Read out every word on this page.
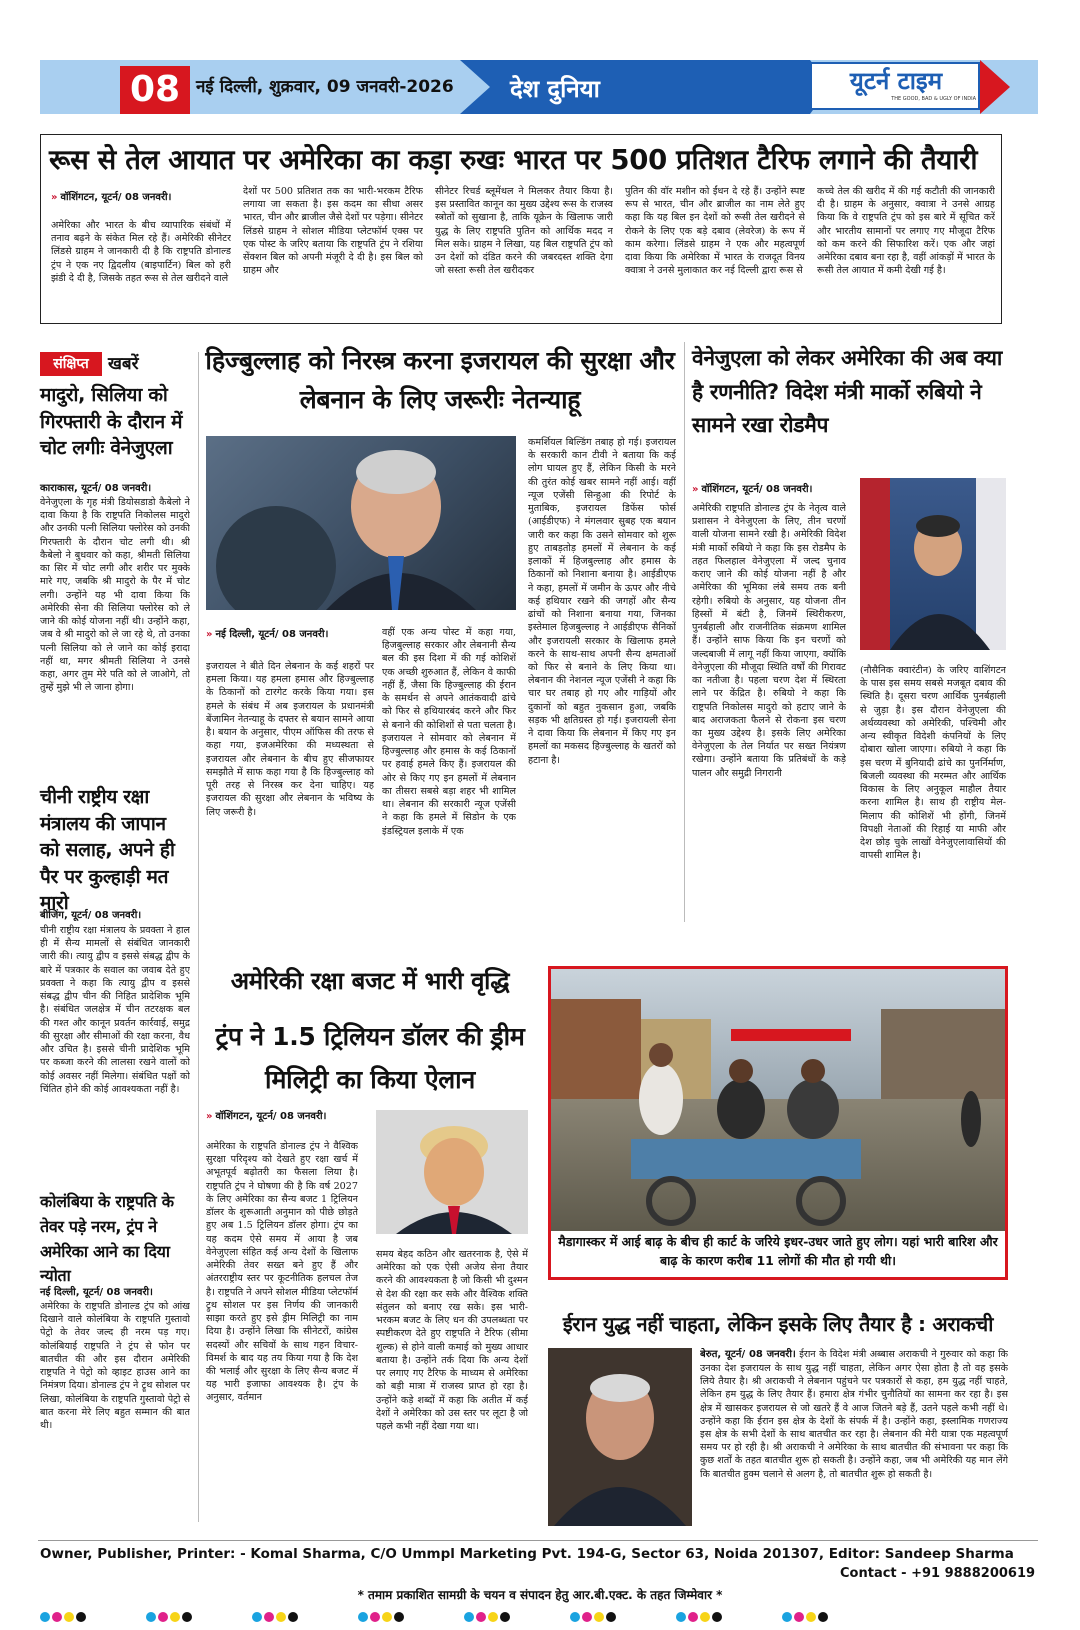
08 नई दिल्ली, शुक्रवार, 09 जनवरी-2026	देश दुनिया	यूटर्न टाइम
THE GOOD, BAD & UGLY OF INDIA
रूस से तेल आयात पर अमेरिका का कड़ा रुखः भारत पर 500 प्रतिशत टैरिफ लगाने की तैयारी
» वॉशिंगटन, यूटर्न/ 08 जनवरी।

अमेरिका और भारत के बीच व्यापारिक संबंधों में तनाव बढ़ने के संकेत मिल रहे हैं। अमेरिकी सीनेटर लिंडसे ग्राहम ने जानकारी दी है कि राष्ट्रपति डोनाल्ड ट्रंप ने एक नए द्विदलीय (बाइपार्टिन) बिल को हरी झंडी दे दी है, जिसके तहत रूस से तेल खरीदने वाले

देशों पर 500 प्रतिशत तक का भारी-भरकम टैरिफ लगाया जा सकता है। इस कदम का सीधा असर भारत, चीन और ब्राजील जैसे देशों पर पड़ेगा। सीनेटर लिंडसे ग्राहम ने सोशल मीडिया प्लेटफॉर्म एक्स पर एक पोस्ट के जरिए बताया कि राष्ट्रपति ट्रंप ने रशिया सेंक्शन बिल को अपनी मंजूरी दे दी है। इस बिल को ग्राहम और

सीनेटर रिचर्ड ब्लूमेंथल ने मिलकर तैयार किया है। इस प्रस्तावित कानून का मुख्य उद्देश्य रूस के राजस्व स्त्रोतों को सुखाना है, ताकि यूक्रेन के खिलाफ जारी युद्ध के लिए राष्ट्रपति पुतिन को आर्थिक मदद न मिल सके। ग्राहम ने लिखा, यह बिल राष्ट्रपति ट्रंप को उन देशों को दंडित करने की जबरदस्त शक्ति देगा जो सस्ता रूसी तेल खरीदकर

पुतिन की वॉर मशीन को ईंधन दे रहे हैं। उन्होंने स्पष्ट रूप से भारत, चीन और ब्राजील का नाम लेते हुए कहा कि यह बिल इन देशों को रूसी तेल खरीदने से रोकने के लिए एक बड़े दबाव (लेवरेज) के रूप में काम करेगा। लिंडसे ग्राहम ने एक और महत्वपूर्ण दावा किया कि अमेरिका में भारत के राजदूत विनय क्वात्रा ने उनसे मुलाकात कर नई दिल्ली द्वारा रूस से

कच्चे तेल की खरीद में की गई कटौती की जानकारी दी है। ग्राहम के अनुसार, क्वात्रा ने उनसे आग्रह किया कि वे राष्ट्रपति ट्रंप को इस बारे में सूचित करें और भारतीय सामानों पर लगाए गए मौजूदा टैरिफ को कम करने की सिफारिश करें। एक और जहां अमेरिका दबाव बना रहा है, वहीं आंकड़ों में भारत के रूसी तेल आयात में कमी देखी गई है।

संक्षिप्त	खबरें
मादुरो, सिलिया को गिरफ्तारी के दौरान में चोट लगीः वेनेजुएला
काराकास, यूटर्न/ 08 जनवरी।

वेनेजुएला के गृह मंत्री डियोसडाडो कैबेलो ने दावा किया है कि राष्ट्रपति निकोलस मादुरो और उनकी पत्नी सिलिया फ्लोरेस को उनकी गिरफ्तारी के दौरान चोट लगी थी। श्री कैबेलो ने बुधवार को कहा, श्रीमती सिलिया का सिर में चोट लगी और शरीर पर मुक्के मारे गए, जबकि श्री मादुरो के पैर में चोट लगी। उन्होंने यह भी दावा किया कि अमेरिकी सेना की सिलिया फ्लोरेस को ले जाने की कोई योजना नहीं थी। उन्होंने कहा, जब वे श्री मादुरो को ले जा रहे थे, तो उनका पत्नी सिलिया को ले जाने का कोई इरादा नहीं था, मगर श्रीमती सिलिया ने उनसे कहा, अगर तुम मेरे पति को ले जाओगे, तो तुम्हें मुझे भी ले जाना होगा।

चीनी राष्ट्रीय रक्षा मंत्रालय की जापान को सलाह, अपने ही पैर पर कुल्हाड़ी मत मारो
बीजिंग, यूटर्न/ 08 जनवरी।

चीनी राष्ट्रीय रक्षा मंत्रालय के प्रवक्ता ने हाल ही में सैन्य मामलों से संबंधित जानकारी जारी की। त्यायु द्वीप व इससे संबद्ध द्वीप के बारे में पत्रकार के सवाल का जवाब देते हुए प्रवक्ता ने कहा कि त्यायु द्वीप व इससे संबद्ध द्वीप चीन की निहित प्रादेशिक भूमि है। संबंधित जलक्षेत्र में चीन तटरक्षक बल की गश्त और कानून प्रवर्तन कार्रवाई, समुद्र की सुरक्षा और सीमाओं की रक्षा करना, वैध और उचित है। इससे चीनी प्रादेशिक भूमि पर कब्जा करने की लालसा रखने वालों को कोई अवसर नहीं मिलेगा। संबंधित पक्षों को चिंतित होने की कोई आवश्यकता नहीं है।

कोलंबिया के राष्ट्रपति के तेवर पड़े नरम, ट्रंप ने अमेरिका आने का दिया न्योता
नई दिल्ली, यूटर्न/ 08 जनवरी।

अमेरिका के राष्ट्रपति डोनाल्ड ट्रंप को आंख दिखाने वाले कोलंबिया के राष्ट्रपति गुस्तावो पेट्रो के तेवर जल्द ही नरम पड़ गए। कोलंबियाई राष्ट्रपति ने ट्रंप से फोन पर बातचीत की और इस दौरान अमेरिकी राष्ट्रपति ने पेट्रो को व्हाइट हाउस आने का निमंत्रण दिया। डोनाल्ड ट्रंप ने ट्रूथ सोशल पर लिखा, कोलंबिया के राष्ट्रपति गुस्तावो पेट्रो से बात करना मेरे लिए बहुत सम्मान की बात थी।

हिज्बुल्लाह को निरस्त्र करना इजरायल की सुरक्षा और लेबनान के लिए जरूरीः नेतन्याहू
» नई दिल्ली, यूटर्न/ 08 जनवरी।

इजरायल ने बीते दिन लेबनान के कई शहरों पर हमला किया। यह हमला हमास और हिज्बुल्लाह के ठिकानों को टारगेट करके किया गया। इस हमले के संबंध में अब इजरायल के प्रधानमंत्री बेंजामिन नेतन्याहू के दफ्तर से बयान सामने आया है। बयान के अनुसार, पीएम ऑफिस की तरफ से कहा गया, इजअमेरिका की मध्यस्थता से इजरायल और लेबनान के बीच हुए सीजफायर समझौते में साफ कहा गया है कि हिज्बुल्लाह को पूरी तरह से निरस्त्र कर देना चाहिए। यह इजरायल की सुरक्षा और लेबनान के भविष्य के लिए जरूरी है।

वहीं एक अन्य पोस्ट में कहा गया, हिजबुल्लाह सरकार और लेबनानी सैन्य बल की इस दिशा में की गई कोशिशें एक अच्छी शुरुआत हैं, लेकिन वे काफी नहीं हैं, जैसा कि हिज्बुल्लाह की ईरान के समर्थन से अपने आतंकवादी ढांचे को फिर से हथियारबंद करने और फिर से बनाने की कोशिशों से पता चलता है। इजरायल ने सोमवार को लेबनान में हिज्बुल्लाह और हमास के कई ठिकानों पर हवाई हमले किए हैं। इजरायल की ओर से किए गए इन हमलों में लेबनान का तीसरा सबसे बड़ा शहर भी शामिल था। लेबनान की सरकारी न्यूज एजेंसी ने कहा कि हमले में सिडोन के एक इंडस्ट्रियल इलाके में एक

कमर्शियल बिल्डिंग तबाह हो गई। इजरायल के सरकारी कान टीवी ने बताया कि कई लोग घायल हुए हैं, लेकिन किसी के मरने की तुरंत कोई खबर सामने नहीं आई। वहीं न्यूज एजेंसी सिन्हुआ की रिपोर्ट के मुताबिक, इजरायल डिफेंस फोर्स (आईडीएफ) ने मंगलवार सुबह एक बयान जारी कर कहा कि उसने सोमवार को शुरू हुए ताबड़तोड़ हमलों में लेबनान के कई इलाकों में हिजबुल्लाह और हमास के ठिकानों को निशाना बनाया है। आईडीएफ ने कहा, हमलों में जमीन के ऊपर और नीचे कई हथियार रखने की जगहों और सैन्य ढांचों को निशाना बनाया गया, जिनका इस्तेमाल हिजबुल्लाह ने आईडीएफ सैनिकों और इजरायली सरकार के खिलाफ हमले करने के साथ-साथ अपनी सैन्य क्षमताओं को फिर से बनाने के लिए किया था। लेबनान की नेशनल न्यूज एजेंसी ने कहा कि चार घर तबाह हो गए और गाड़ियों और दुकानों को बहुत नुकसान हुआ, जबकि सड़क भी क्षतिग्रस्त हो गई। इजरायली सेना ने दावा किया कि लेबनान में किए गए इन हमलों का मकसद हिज्बुल्लाह के खतरों को हटाना है।

वेनेजुएला को लेकर अमेरिका की अब क्या है रणनीति? विदेश मंत्री मार्को रुबियो ने सामने रखा रोडमैप
» वॉशिंगटन, यूटर्न/ 08 जनवरी।

अमेरिकी राष्ट्रपति डोनाल्ड ट्रंप के नेतृत्व वाले प्रशासन ने वेनेजुएला के लिए, तीन चरणों वाली योजना सामने रखी है। अमेरिकी विदेश मंत्री मार्को रुबियो ने कहा कि इस रोडमैप के तहत फिलहाल वेनेजुएला में जल्द चुनाव कराए जाने की कोई योजना नहीं है और अमेरिका की भूमिका लंबे समय तक बनी रहेगी। रुबियो के अनुसार, यह योजना तीन हिस्सों में बंटी है, जिनमें स्थिरीकरण, पुनर्बहाली और राजनीतिक संक्रमण शामिल हैं। उन्होंने साफ किया कि इन चरणों को जल्दबाजी में लागू नहीं किया जाएगा, क्योंकि वेनेजुएला की मौजूदा स्थिति वर्षों की गिरावट का नतीजा है। पहला चरण देश में स्थिरता लाने पर केंद्रित है। रुबियो ने कहा कि राष्ट्रपति निकोलस मादुरो को हटाए जाने के बाद अराजकता फैलने से रोकना इस चरण का मुख्य उद्देश्य है। इसके लिए अमेरिका वेनेजुएला के तेल निर्यात पर सख्त नियंत्रण रखेगा। उन्होंने बताया कि प्रतिबंधों के कड़े पालन और समुद्री निगरानी

(नौसैनिक क्वारंटीन) के जरिए वाशिंगटन के पास इस समय सबसे मजबूत दबाव की स्थिति है। दूसरा चरण आर्थिक पुनर्बहाली से जुड़ा है। इस दौरान वेनेजुएला की अर्थव्यवस्था को अमेरिकी, पश्चिमी और अन्य स्वीकृत विदेशी कंपनियों के लिए दोबारा खोला जाएगा। रुबियो ने कहा कि इस चरण में बुनियादी ढांचे का पुनर्निर्माण, बिजली व्यवस्था की मरम्मत और आर्थिक विकास के लिए अनुकूल माहौल तैयार करना शामिल है। साथ ही राष्ट्रीय मेल-मिलाप की कोशिशें भी होंगी, जिनमें विपक्षी नेताओं की रिहाई या माफी और देश छोड़ चुके लाखों वेनेजुएलावासियों की वापसी शामिल है।

अमेरिकी रक्षा बजट में भारी वृद्धि
ट्रंप ने 1.5 ट्रिलियन डॉलर की ड्रीम मिलिट्री का किया ऐलान
» वॉशिंगटन, यूटर्न/ 08 जनवरी।

अमेरिका के राष्ट्रपति डोनाल्ड ट्रंप ने वैश्विक सुरक्षा परिदृश्य को देखते हुए रक्षा खर्च में अभूतपूर्व बढ़ोतरी का फैसला लिया है। राष्ट्रपति ट्रंप ने घोषणा की है कि वर्ष 2027 के लिए अमेरिका का सैन्य बजट 1 ट्रिलियन डॉलर के शुरूआती अनुमान को पीछे छोड़ते हुए अब 1.5 ट्रिलियन डॉलर होगा। ट्रंप का यह कदम ऐसे समय में आया है जब वेनेजुएला संहित कई अन्य देशों के खिलाफ अमेरिकी तेवर सख्त बने हुए हैं और अंतरराष्ट्रीय स्तर पर कूटनीतिक हलचल तेज है। राष्ट्रपति ने अपने सोशल मीडिया प्लेटफॉर्म ट्रुथ सोशल पर इस निर्णय की जानकारी साझा करते हुए इसे ड्रीम मिलिट्री का नाम दिया है। उन्होंने लिखा कि सीनेटरों, कांग्रेस सदस्यों और सचिवों के साथ गहन विचार-विमर्श के बाद यह तय किया गया है कि देश की भलाई और सुरक्षा के लिए सैन्य बजट में यह भारी इजाफा आवश्यक है। ट्रंप के अनुसार, वर्तमान

समय बेहद कठिन और खतरनाक है, ऐसे में अमेरिका को एक ऐसी अजेय सेना तैयार करने की आवश्यकता है जो किसी भी दुश्मन से देश की रक्षा कर सके और वैश्विक शक्ति संतुलन को बनाए रख सके। इस भारी-भरकम बजट के लिए धन की उपलब्धता पर स्पष्टीकरण देते हुए राष्ट्रपति ने टैरिफ (सीमा शुल्क) से होने वाली कमाई को मुख्य आधार बताया है। उन्होंने तर्क दिया कि अन्य देशों पर लगाए गए टैरिफ के माध्यम से अमेरिका को बड़ी मात्रा में राजस्व प्राप्त हो रहा है। उन्होंने कड़े शब्दों में कहा कि अतीत में कई देशों ने अमेरिका को उस स्तर पर लूटा है जो पहले कभी नहीं देखा गया था।

मैडागास्कर में आई बाढ़ के बीच ही कार्ट के जरिये इधर-उधर जाते हुए लोग। यहां भारी बारिश और बाढ़ के कारण करीब 11 लोगों की मौत हो गयी थी।
ईरान युद्ध नहीं चाहता, लेकिन इसके लिए तैयार है : अराकची

बेरुत, यूटर्न/ 08 जनवरी। ईरान के विदेश मंत्री अब्बास अराकची ने गुरुवार को कहा कि उनका देश इजरायल के साथ युद्ध नहीं चाहता, लेकिन अगर ऐसा होता है तो वह इसके लिये तैयार है। श्री अराकची ने लेबनान पहुंचने पर पत्रकारों से कहा, हम युद्ध नहीं चाहते, लेकिन हम युद्ध के लिए तैयार हैं। हमारा क्षेत्र गंभीर चुनौतियों का सामना कर रहा है। इस क्षेत्र में खासकर इजरायल से जो खतरे हैं वे आज जितने बड़े हैं, उतने पहले कभी नहीं थे। उन्होंने कहा कि ईरान इस क्षेत्र के देशों के संपर्क में है। उन्होंने कहा, इस्लामिक गणराज्य इस क्षेत्र के सभी देशों के साथ बातचीत कर रहा है। लेबनान की मेरी यात्रा एक महत्वपूर्ण समय पर हो रही है। श्री अराकची ने अमेरिका के साथ बातचीत की संभावना पर कहा कि कुछ शर्तों के तहत बातचीत शुरू हो सकती है। उन्होंने कहा, जब भी अमेरिकी यह मान लेंगे कि बातचीत हुक्म चलाने से अलग है, तो बातचीत शुरू हो सकती है।

Owner, Publisher, Printer: - Komal Sharma, C/O Ummpl Marketing Pvt. 194-G, Sector 63, Noida 201307, Editor: Sandeep Sharma
Contact - +91 9888200619
* तमाम प्रकाशित सामग्री के चयन व संपादन हेतु आर.बी.एक्ट. के तहत जिम्मेवार *
